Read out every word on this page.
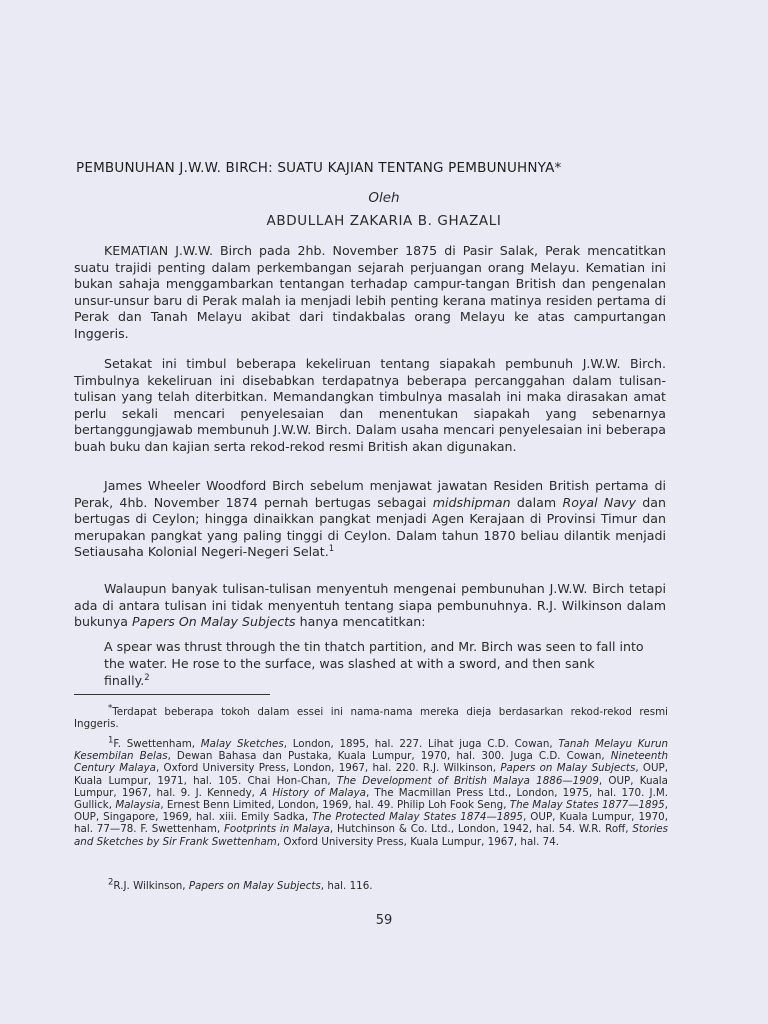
PEMBUNUHAN J.W.W. BIRCH: SUATU KAJIAN TENTANG PEMBUNUHNYA*
Oleh
ABDULLAH ZAKARIA B. GHAZALI
KEMATIAN J.W.W. Birch pada 2hb. November 1875 di Pasir Salak, Perak mencatitkan suatu trajidi penting dalam perkembangan sejarah perjuangan orang Melayu. Kematian ini bukan sahaja menggambarkan tentangan terhadap campur-tangan British dan pengenalan unsur-unsur baru di Perak malah ia menjadi lebih penting kerana matinya residen pertama di Perak dan Tanah Melayu akibat dari tindakbalas orang Melayu ke atas campurtangan Inggeris.
Setakat ini timbul beberapa kekeliruan tentang siapakah pembunuh J.W.W. Birch. Timbulnya kekeliruan ini disebabkan terdapatnya beberapa percanggahan dalam tulisan-tulisan yang telah diterbitkan. Memandangkan timbulnya masalah ini maka dirasakan amat perlu sekali mencari penyelesaian dan menentukan siapakah yang sebenarnya bertanggungjawab membunuh J.W.W. Birch. Dalam usaha mencari penyelesaian ini beberapa buah buku dan kajian serta rekod-rekod resmi British akan digunakan.
James Wheeler Woodford Birch sebelum menjawat jawatan Residen British pertama di Perak, 4hb. November 1874 pernah bertugas sebagai midshipman dalam Royal Navy dan bertugas di Ceylon; hingga dinaikkan pangkat menjadi Agen Kerajaan di Provinsi Timur dan merupakan pangkat yang paling tinggi di Ceylon. Dalam tahun 1870 beliau dilantik menjadi Setiausaha Kolonial Negeri-Negeri Selat.$^1$
Walaupun banyak tulisan-tulisan menyentuh mengenai pembunuhan J.W.W. Birch tetapi ada di antara tulisan ini tidak menyentuh tentang siapa pembunuhnya. R.J. Wilkinson dalam bukunya Papers On Malay Subjects hanya mencatitkan:
A spear was thrust through the tin thatch partition, and Mr. Birch was seen to fall into the water. He rose to the surface, was slashed at with a sword, and then sank finally.$^2$
*Terdapat beberapa tokoh dalam essei ini nama-nama mereka dieja berdasarkan rekod-rekod resmi Inggeris.
$^1$F. Swettenham, Malay Sketches, London, 1895, hal. 227. Lihat juga C.D. Cowan, Tanah Melayu Kurun Kesembilan Belas, Dewan Bahasa dan Pustaka, Kuala Lumpur, 1970, hal. 300. Juga C.D. Cowan, Nineteenth Century Malaya, Oxford University Press, London, 1967, hal. 220. R.J. Wilkinson, Papers on Malay Subjects, OUP, Kuala Lumpur, 1971, hal. 105. Chai Hon-Chan, The Development of British Malaya 1886—1909, OUP, Kuala Lumpur, 1967, hal. 9. J. Kennedy, A History of Malaya, The Macmillan Press Ltd., London, 1975, hal. 170. J.M. Gullick, Malaysia, Ernest Benn Limited, London, 1969, hal. 49. Philip Loh Fook Seng, The Malay States 1877—1895, OUP, Singapore, 1969, hal. xiii. Emily Sadka, The Protected Malay States 1874—1895, OUP, Kuala Lumpur, 1970, hal. 77—78. F. Swettenham, Footprints in Malaya, Hutchinson & Co. Ltd., London, 1942, hal. 54. W.R. Roff, Stories and Sketches by Sir Frank Swettenham, Oxford University Press, Kuala Lumpur, 1967, hal. 74.
$^2$R.J. Wilkinson, Papers on Malay Subjects, hal. 116.
59
